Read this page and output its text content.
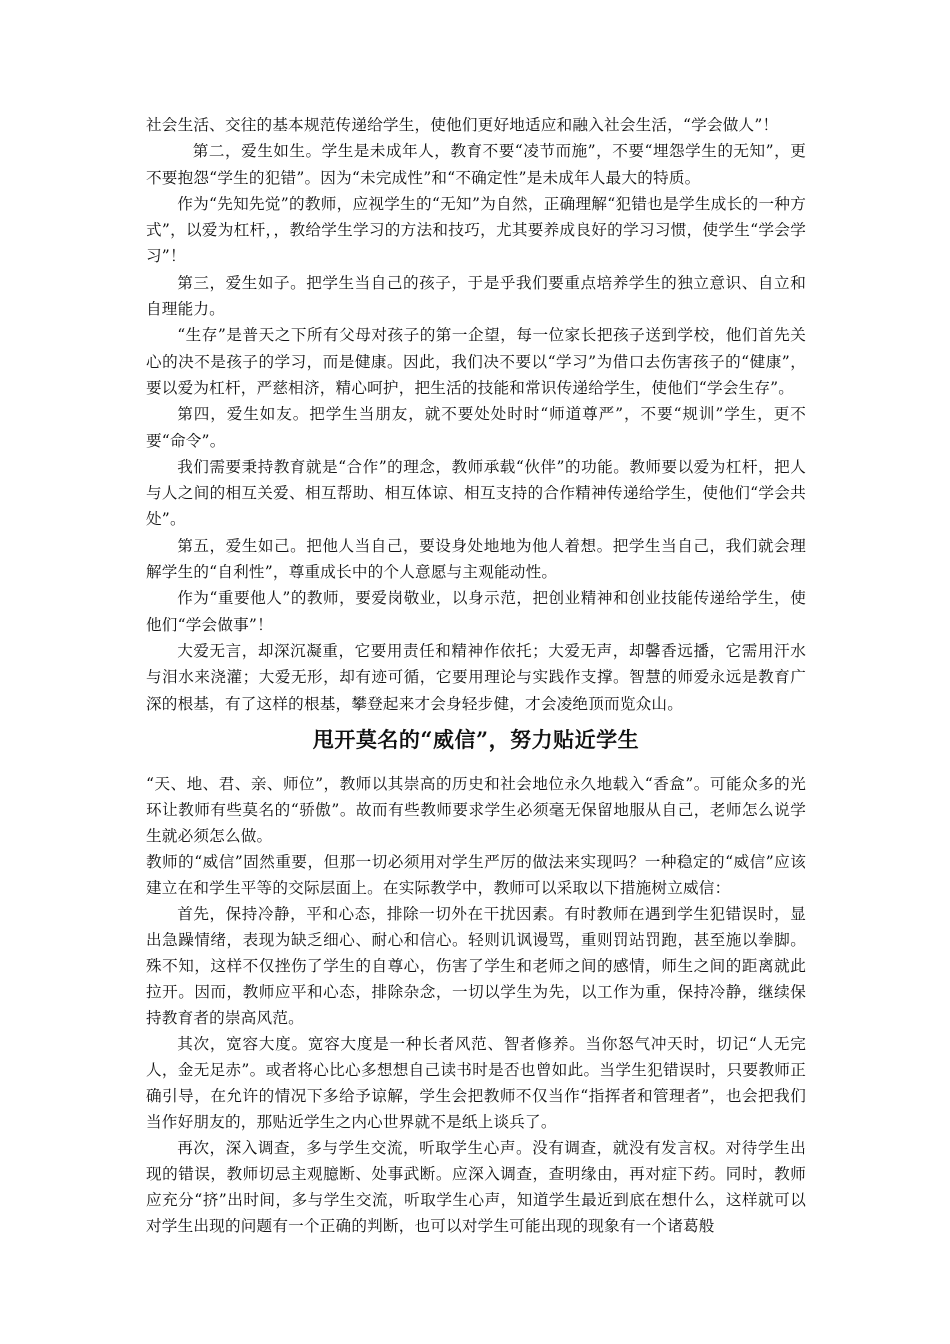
社会生活、交往的基本规范传递给学生，使他们更好地适应和融入社会生活，“学会做人”！

第二，爱生如生。学生是未成年人，教育不要“凌节而施”，不要“埋怨学生的无知”，更不要抱怨“学生的犯错”。因为“未完成性”和“不确定性”是未成年人最大的特质。

作为“先知先觉”的教师，应视学生的“无知”为自然，正确理解“犯错也是学生成长的一种方式”，以爱为杠杆，，教给学生学习的方法和技巧，尤其要养成良好的学习习惯，使学生“学会学习”！

第三，爱生如子。把学生当自己的孩子，于是乎我们要重点培养学生的独立意识、自立和自理能力。

“生存”是普天之下所有父母对孩子的第一企望，每一位家长把孩子送到学校，他们首先关心的决不是孩子的学习，而是健康。因此，我们决不要以“学习”为借口去伤害孩子的“健康”，要以爱为杠杆，严慈相济，精心呵护，把生活的技能和常识传递给学生，使他们“学会生存”。

第四，爱生如友。把学生当朋友，就不要处处时时“师道尊严”，不要“规训”学生，更不要“命令”。

我们需要秉持教育就是“合作”的理念，教师承载“伙伴”的功能。教师要以爱为杠杆，把人与人之间的相互关爱、相互帮助、相互体谅、相互支持的合作精神传递给学生，使他们“学会共处”。

第五，爱生如己。把他人当自己，要设身处地地为他人着想。把学生当自己，我们就会理解学生的“自利性”，尊重成长中的个人意愿与主观能动性。

作为“重要他人”的教师，要爱岗敬业，以身示范，把创业精神和创业技能传递给学生，使他们“学会做事”！

大爱无言，却深沉凝重，它要用责任和精神作依托；大爱无声，却馨香远播，它需用汗水与泪水来浇灌；大爱无形，却有迹可循，它要用理论与实践作支撑。智慧的师爱永远是教育广深的根基，有了这样的根基，攀登起来才会身轻步健，才会凌绝顶而览众山。

甩开莫名的“威信”，努力贴近学生

“天、地、君、亲、师位”，教师以其崇高的历史和社会地位永久地载入“香盒”。可能众多的光环让教师有些莫名的“骄傲”。故而有些教师要求学生必须毫无保留地服从自己，老师怎么说学生就必须怎么做。

教师的“威信”固然重要，但那一切必须用对学生严厉的做法来实现吗？一种稳定的“威信”应该建立在和学生平等的交际层面上。在实际教学中，教师可以采取以下措施树立威信：

首先，保持冷静，平和心态，排除一切外在干扰因素。有时教师在遇到学生犯错误时，显出急躁情绪，表现为缺乏细心、耐心和信心。轻则讥讽谩骂，重则罚站罚跑，甚至施以拳脚。殊不知，这样不仅挫伤了学生的自尊心，伤害了学生和老师之间的感情，师生之间的距离就此拉开。因而，教师应平和心态，排除杂念，一切以学生为先，以工作为重，保持冷静，继续保持教育者的崇高风范。

其次，宽容大度。宽容大度是一种长者风范、智者修养。当你怒气冲天时，切记“人无完人，金无足赤”。或者将心比心多想想自己读书时是否也曾如此。当学生犯错误时，只要教师正确引导，在允许的情况下多给予谅解，学生会把教师不仅当作“指挥者和管理者”，也会把我们当作好朋友的，那贴近学生之内心世界就不是纸上谈兵了。

再次，深入调查，多与学生交流，听取学生心声。没有调查，就没有发言权。对待学生出现的错误，教师切忌主观臆断、处事武断。应深入调查，查明缘由，再对症下药。同时，教师应充分“挤”出时间，多与学生交流，听取学生心声，知道学生最近到底在想什么，这样就可以对学生出现的问题有一个正确的判断，也可以对学生可能出现的现象有一个诸葛般
